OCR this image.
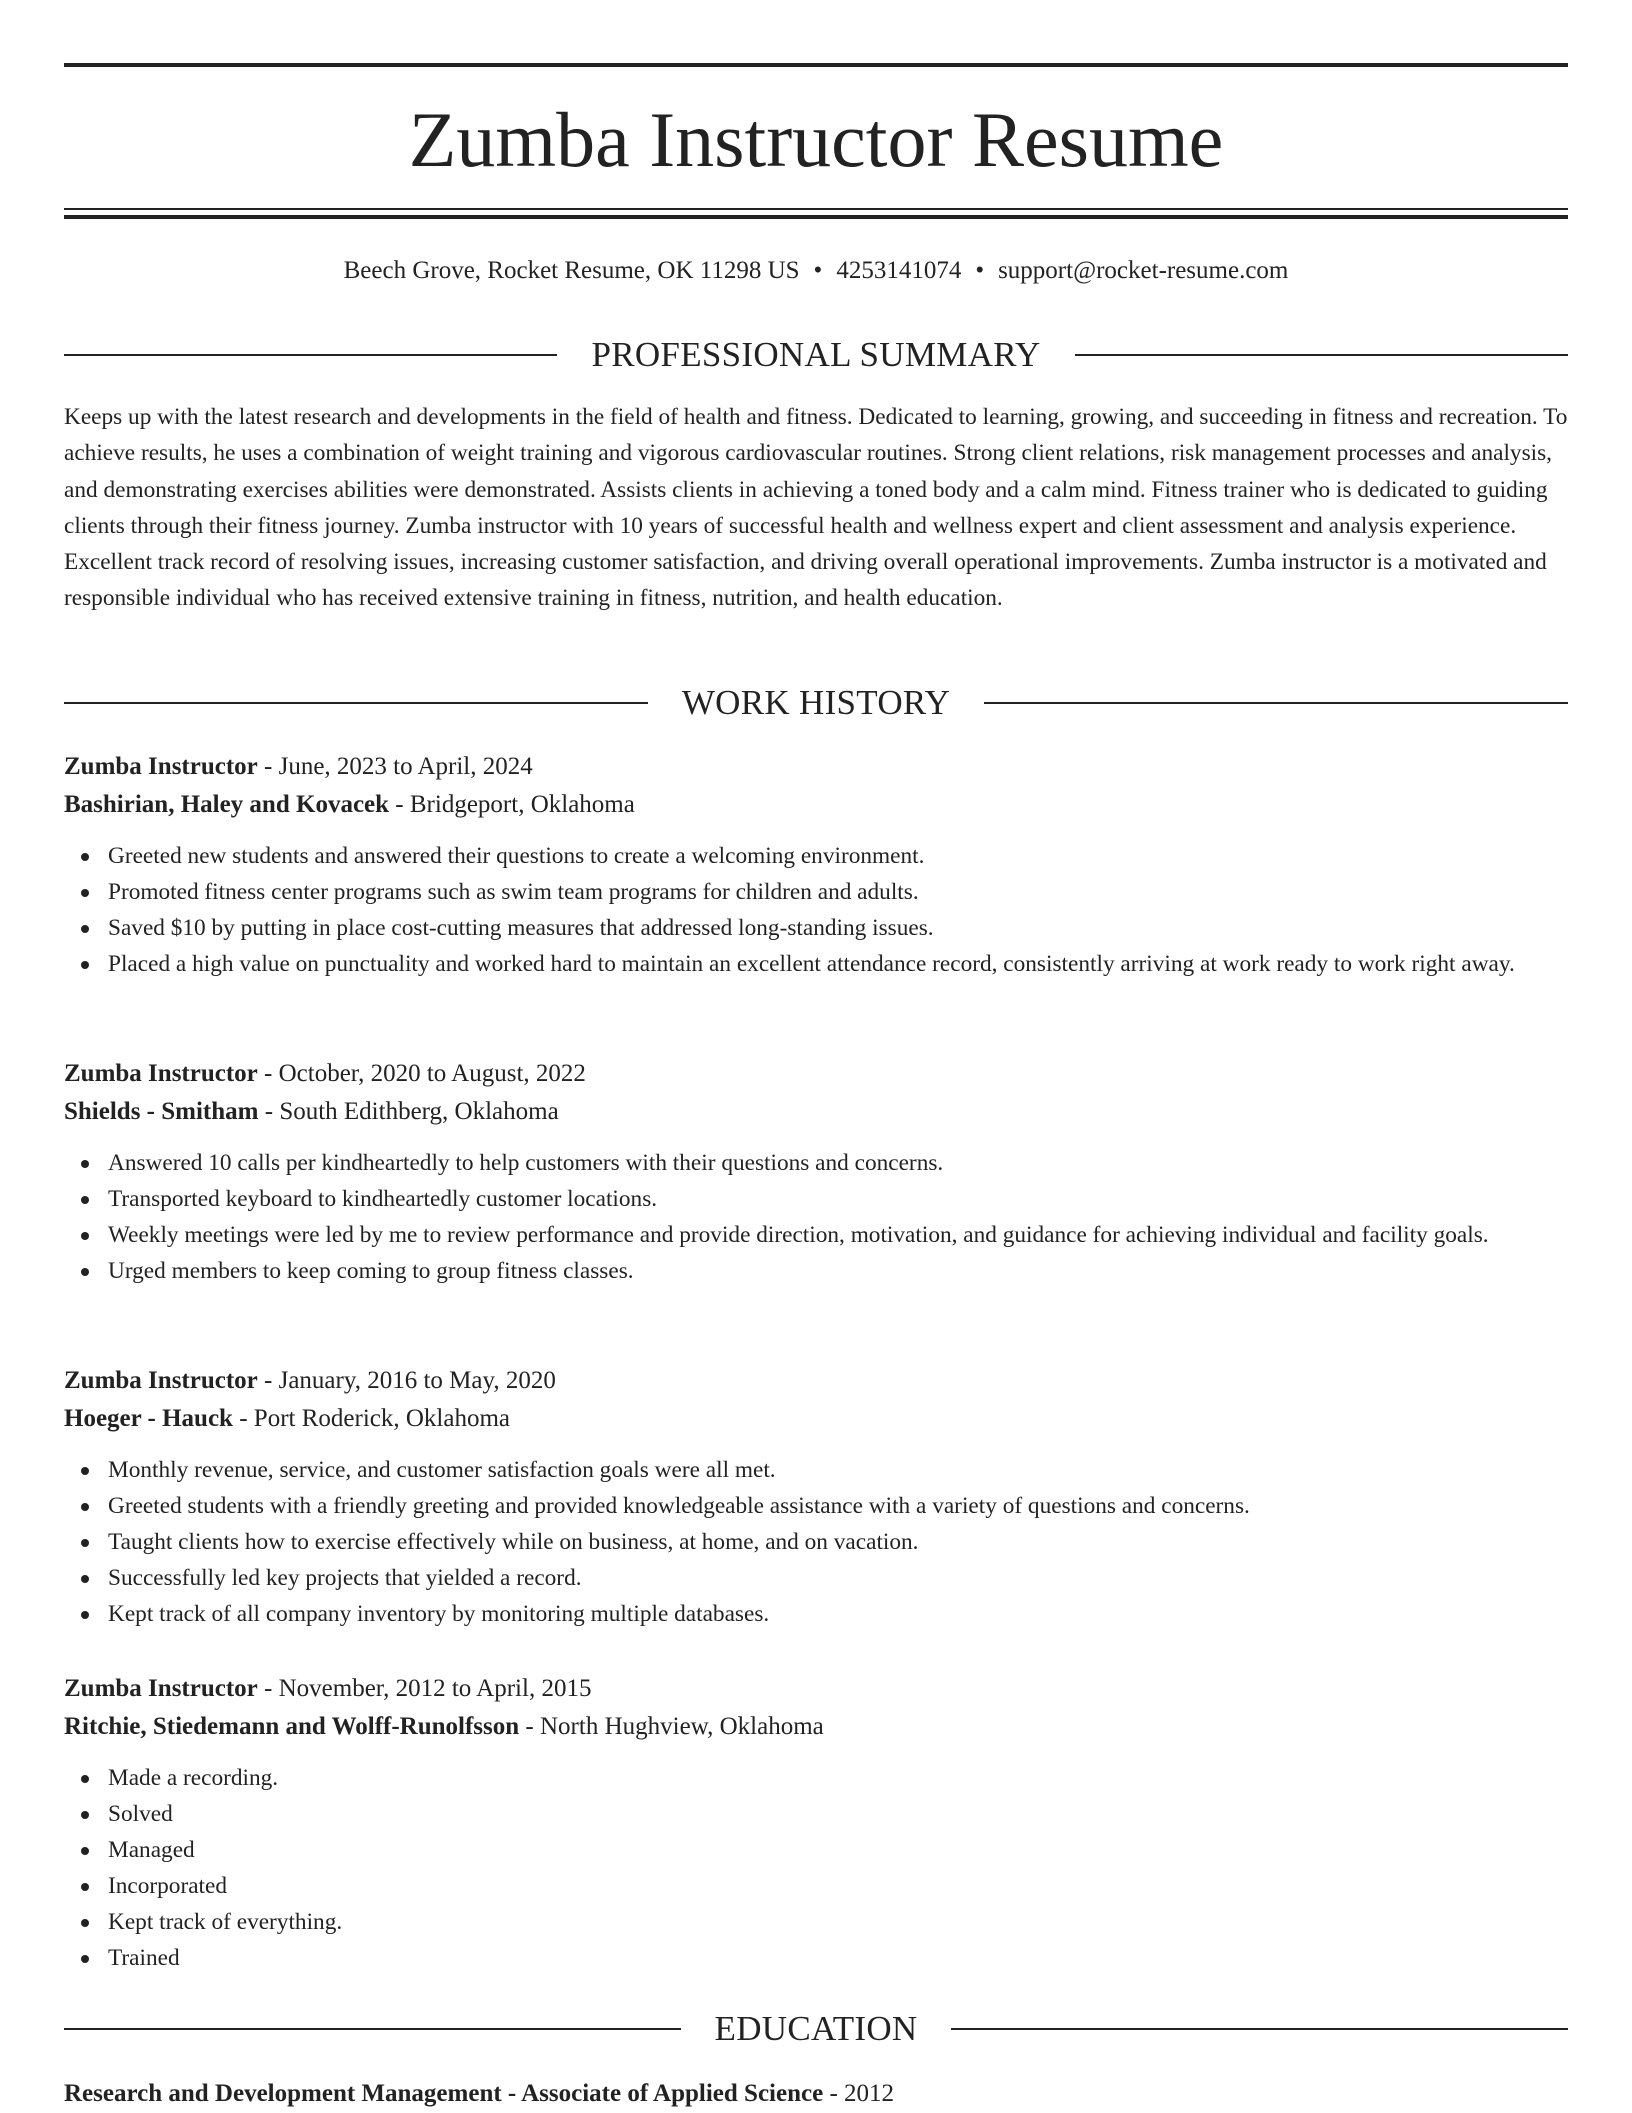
Zumba Instructor Resume
Beech Grove, Rocket Resume, OK 11298 US • 4253141074 • support@rocket-resume.com
PROFESSIONAL SUMMARY

Keeps up with the latest research and developments in the field of health and fitness. Dedicated to learning, growing, and succeeding in fitness and recreation. To achieve results, he uses a combination of weight training and vigorous cardiovascular routines. Strong client relations, risk management processes and analysis, and demonstrating exercises abilities were demonstrated. Assists clients in achieving a toned body and a calm mind. Fitness trainer who is dedicated to guiding clients through their fitness journey. Zumba instructor with 10 years of successful health and wellness expert and client assessment and analysis experience. Excellent track record of resolving issues, increasing customer satisfaction, and driving overall operational improvements. Zumba instructor is a motivated and responsible individual who has received extensive training in fitness, nutrition, and health education.

WORK HISTORY
Zumba Instructor - June, 2023 to April, 2024
Bashirian, Haley and Kovacek - Bridgeport, Oklahoma
Greeted new students and answered their questions to create a welcoming environment.
Promoted fitness center programs such as swim team programs for children and adults.
Saved $10 by putting in place cost-cutting measures that addressed long-standing issues.
Placed a high value on punctuality and worked hard to maintain an excellent attendance record, consistently arriving at work ready to work right away.
Zumba Instructor - October, 2020 to August, 2022
Shields - Smitham - South Edithberg, Oklahoma
Answered 10 calls per kindheartedly to help customers with their questions and concerns.
Transported keyboard to kindheartedly customer locations.
Weekly meetings were led by me to review performance and provide direction, motivation, and guidance for achieving individual and facility goals.
Urged members to keep coming to group fitness classes.
Zumba Instructor - January, 2016 to May, 2020
Hoeger - Hauck - Port Roderick, Oklahoma
Monthly revenue, service, and customer satisfaction goals were all met.
Greeted students with a friendly greeting and provided knowledgeable assistance with a variety of questions and concerns.
Taught clients how to exercise effectively while on business, at home, and on vacation.
Successfully led key projects that yielded a record.
Kept track of all company inventory by monitoring multiple databases.
Zumba Instructor - November, 2012 to April, 2015
Ritchie, Stiedemann and Wolff-Runolfsson - North Hughview, Oklahoma
Made a recording.
Solved
Managed
Incorporated
Kept track of everything.
Trained
EDUCATION
Research and Development Management - Associate of Applied Science - 2012
